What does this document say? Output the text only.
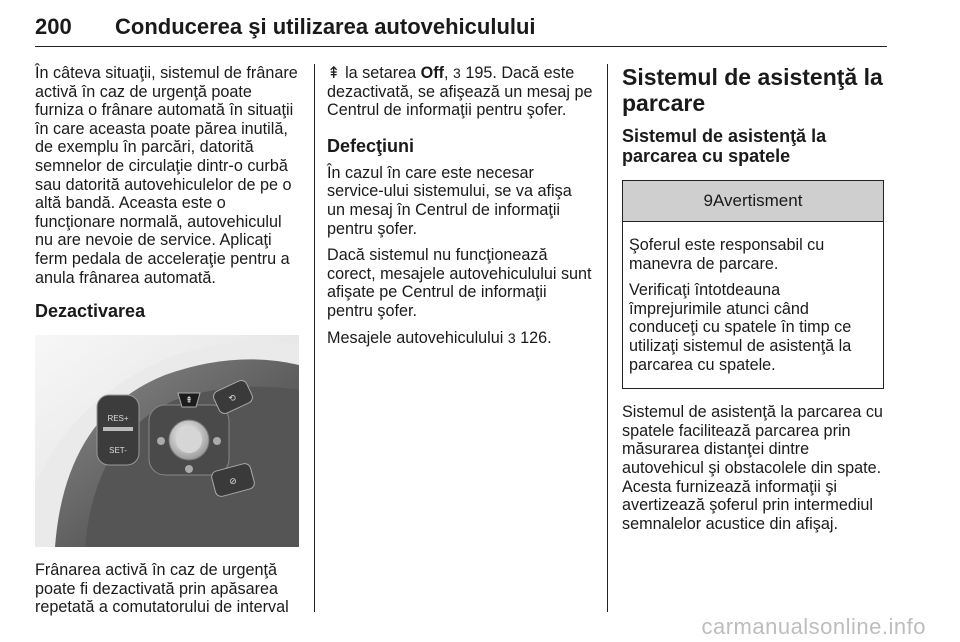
200 Conducerea şi utilizarea autovehiculului

În câteva situaţii, sistemul de frânare activă în caz de urgenţă poate furniza o frânare automată în situaţii în care aceasta poate părea inutilă, de exemplu în parcări, datorită semnelor de circulaţie dintr-o curbă sau datorită autovehiculelor de pe o altă bandă. Aceasta este o funcţionare normală, autovehiculul nu are nevoie de service. Aplicaţi ferm pedala de acceleraţie pentru a anula frânarea automată.

Dezactivarea
RES+
SET-
⇞	⟲
⊘

Frânarea activă în caz de urgenţă poate fi dezactivată prin apăsarea repetată a comutatorului de interval

⇞ la setarea Off, 3 195. Dacă este dezactivată, se afişează un mesaj pe Centrul de informaţii pentru şofer.

Defecţiuni

În cazul în care este necesar service-ului sistemului, se va afişa un mesaj în Centrul de informaţii pentru şofer.

Dacă sistemul nu funcţionează corect, mesajele autovehiculului sunt afişate pe Centrul de informaţii pentru şofer.

Mesajele autovehiculului 3 126.

Sistemul de asistenţă la parcare
Sistemul de asistenţă la parcarea cu spatele
9 Avertisment

Şoferul este responsabil cu manevra de parcare.

Verificaţi întotdeauna împrejurimile atunci când conduceţi cu spatele în timp ce utilizaţi sistemul de asistenţă la parcarea cu spatele.

Sistemul de asistenţă la parcarea cu spatele facilitează parcarea prin măsurarea distanţei dintre autovehicul şi obstacolele din spate. Acesta furnizează informaţii şi avertizează şoferul prin intermediul semnalelor acustice din afişaj.

carmanualsonline.info
